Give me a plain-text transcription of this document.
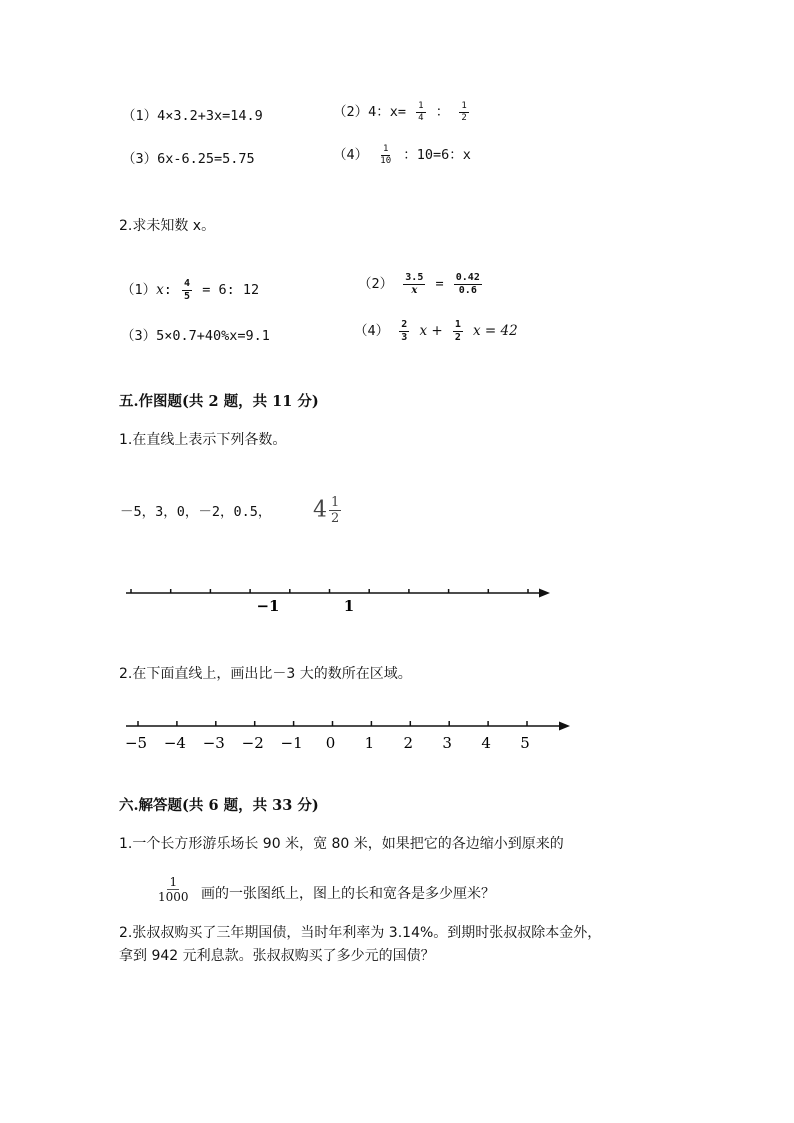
（1）4×3.2+3x=14.9	（2）4：$x= \frac{1}{4}$ ： $\frac{1}{2}$
（3）6x-6.25=5.75	$(4) \frac{1}{10}$ ：10=6：x
2.求未知数 x。
（1）x: $\frac{4}{5} = 6$: 12	$(2) \frac{3.5}{x} = \frac{0.42}{0.6}$
（3）5×0.7+40%x=9.1	$(4) \frac{2}{3}$ $x + \frac{1}{2}$ x = 42
五.作图题(共 2 题，共 11 分)
1.在直线上表示下列各数。
－5，3，0，－2，0.5， $4 \frac{1}{2}$
−1	1
2.在下面直线上，画出比－3 大的数所在区域。
−5 −4 −3 −2 −1 0 1 2 3 4 5
六.解答题(共 6 题，共 33 分)
1.一个长方形游乐场长 90 米，宽 80 米，如果把它的各边缩小到原来的
$\frac{1}{1000}$ 画的一张图纸上，图上的长和宽各是多少厘米？
2.张叔叔购买了三年期国债，当时年利率为 3.14%。到期时张叔叔除本金外，
拿到 942 元利息款。张叔叔购买了多少元的国债？
